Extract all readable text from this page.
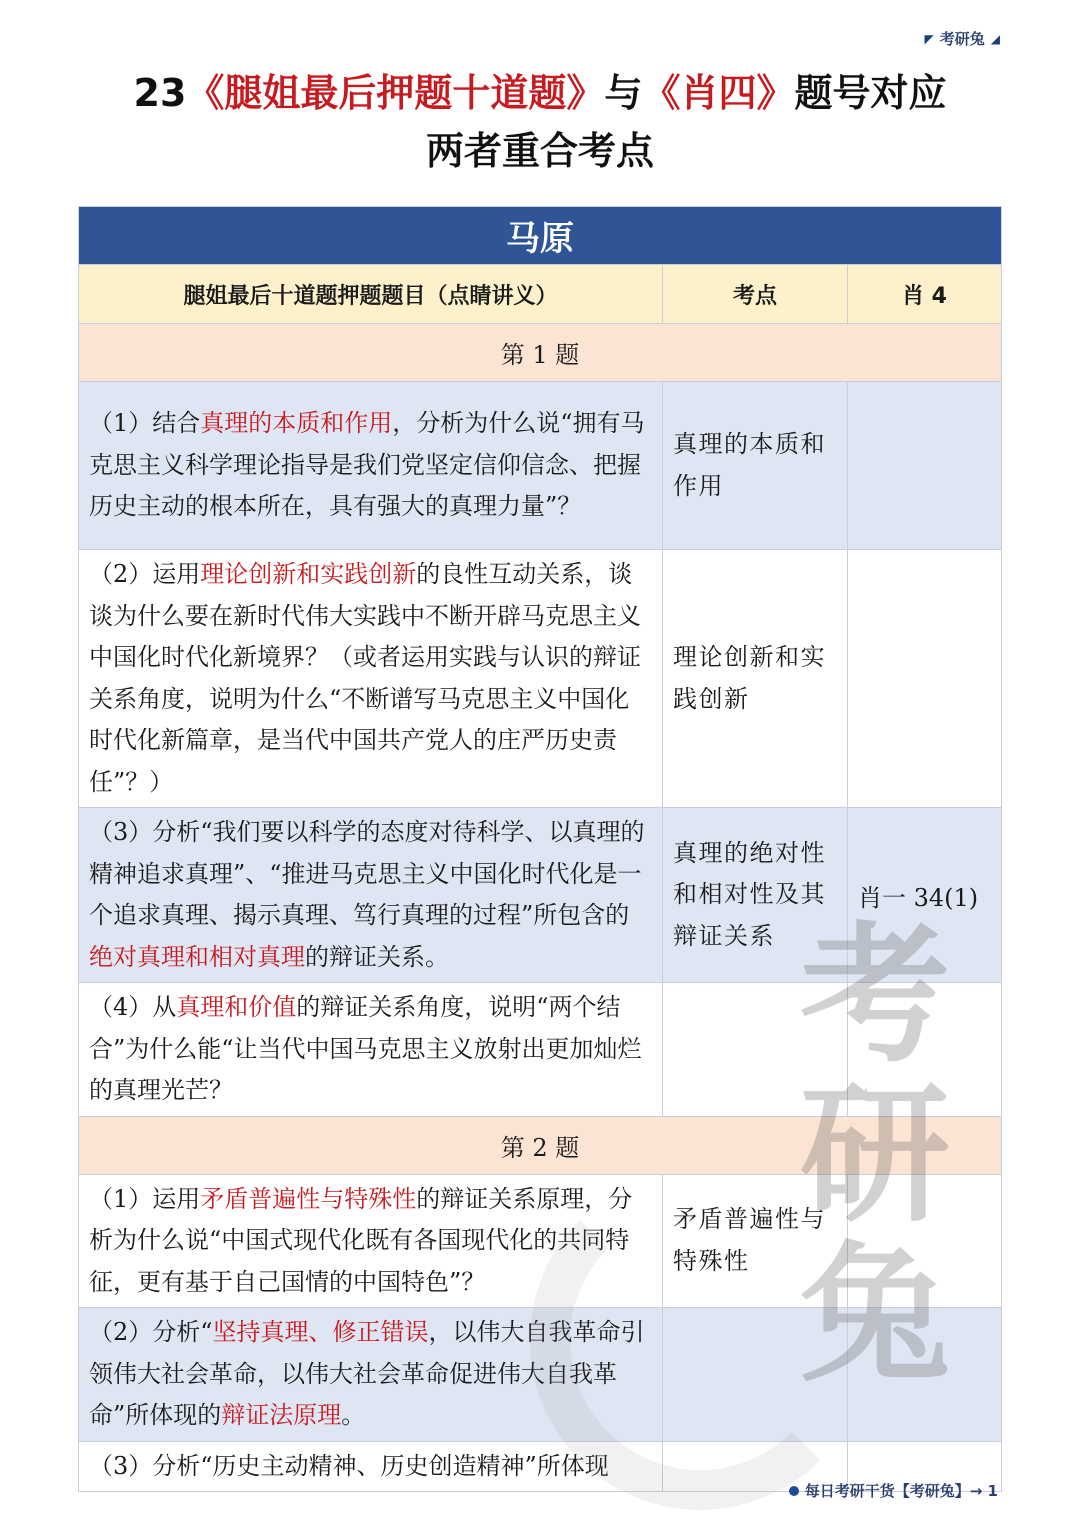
◤ 考研兔 ◢
23《腿姐最后押题十道题》与《肖四》题号对应
两者重合考点
马原		
腿姐最后十道题押题题目（点睛讲义）	考点	肖 4
第 1 题		
（1）结合真理的本质和作用，分析为什么说“拥有马克思主义科学理论指导是我们党坚定信仰信念、把握历史主动的根本所在，具有强大的真理力量”？	真理的本质和作用	
（2）运用理论创新和实践创新的良性互动关系，谈谈为什么要在新时代伟大实践中不断开辟马克思主义中国化时代化新境界？（或者运用实践与认识的辩证关系角度，说明为什么“不断谱写马克思主义中国化时代化新篇章，是当代中国共产党人的庄严历史责任”？）	理论创新和实践创新	
（3）分析“我们要以科学的态度对待科学、以真理的精神追求真理”、“推进马克思主义中国化时代化是一个追求真理、揭示真理、笃行真理的过程”所包含的绝对真理和相对真理的辩证关系。	真理的绝对性和相对性及其辩证关系	肖一 34(1)
（4）从真理和价值的辩证关系角度，说明“两个结合”为什么能“让当代中国马克思主义放射出更加灿烂的真理光芒？		
第 2 题		
（1）运用矛盾普遍性与特殊性的辩证关系原理，分析为什么说“中国式现代化既有各国现代化的共同特征，更有基于自己国情的中国特色”？	矛盾普遍性与特殊性	
（2）分析“坚持真理、修正错误，以伟大自我革命引领伟大社会革命，以伟大社会革命促进伟大自我革命”所体现的辩证法原理。		
（3）分析“历史主动精神、历史创造精神”所体现		
考
研
兔
每日考研干货【考研兔】→ 1
